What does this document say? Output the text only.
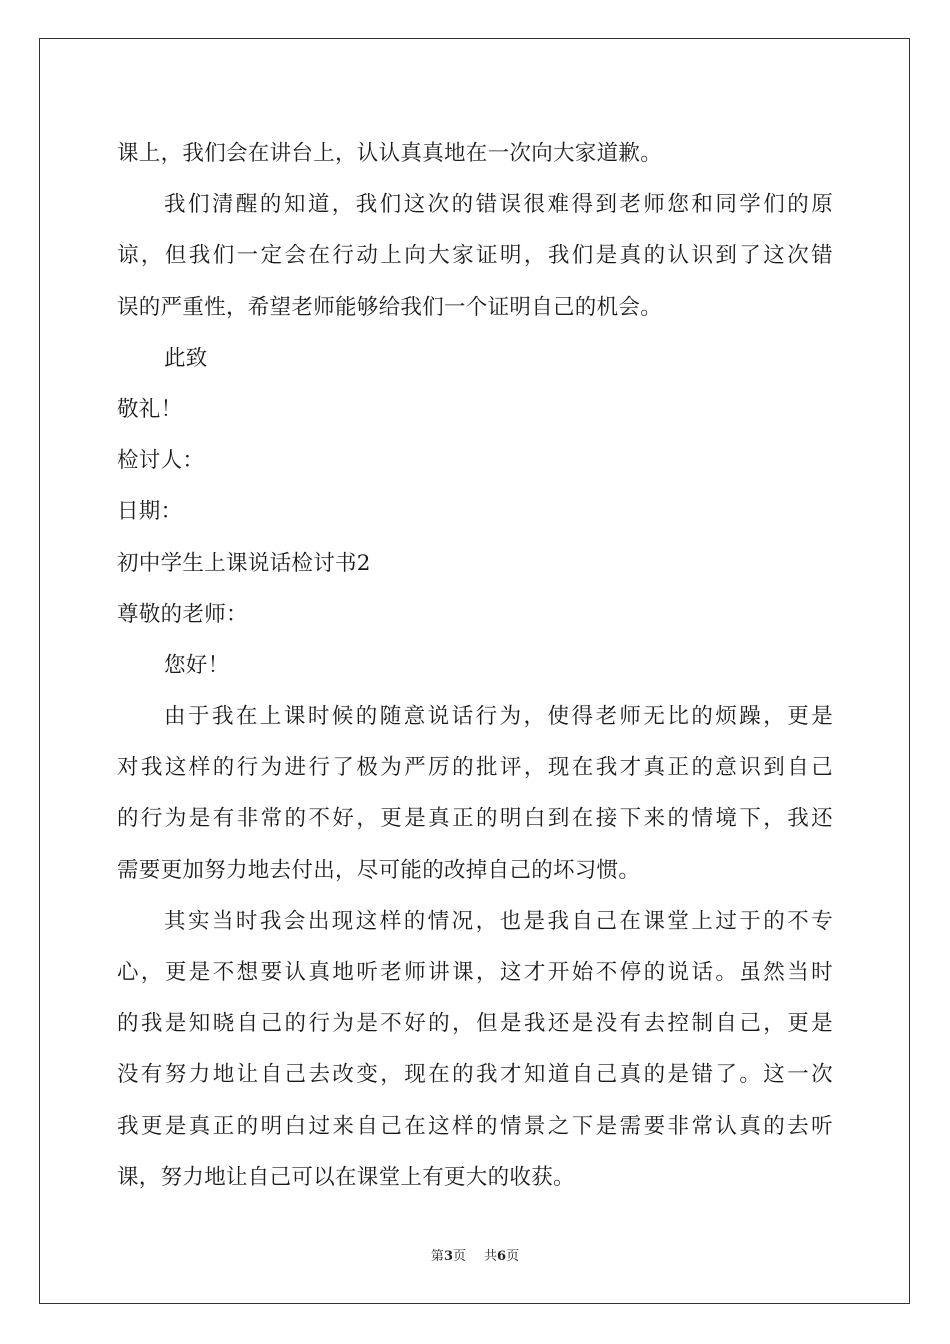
课上，我们会在讲台上，认认真真地在一次向大家道歉。
我们清醒的知道，我们这次的错误很难得到老师您和同学们的原
谅，但我们一定会在行动上向大家证明，我们是真的认识到了这次错
误的严重性，希望老师能够给我们一个证明自己的机会。
此致
敬礼！
检讨人：
日期：
初中学生上课说话检讨书2
尊敬的老师：
您好！
由于我在上课时候的随意说话行为，使得老师无比的烦躁，更是
对我这样的行为进行了极为严厉的批评，现在我才真正的意识到自己
的行为是有非常的不好，更是真正的明白到在接下来的情境下，我还
需要更加努力地去付出，尽可能的改掉自己的坏习惯。
其实当时我会出现这样的情况，也是我自己在课堂上过于的不专
心，更是不想要认真地听老师讲课，这才开始不停的说话。虽然当时
的我是知晓自己的行为是不好的，但是我还是没有去控制自己，更是
没有努力地让自己去改变，现在的我才知道自己真的是错了。这一次
我更是真正的明白过来自己在这样的情景之下是需要非常认真的去听
课，努力地让自己可以在课堂上有更大的收获。
第3页 共6页
